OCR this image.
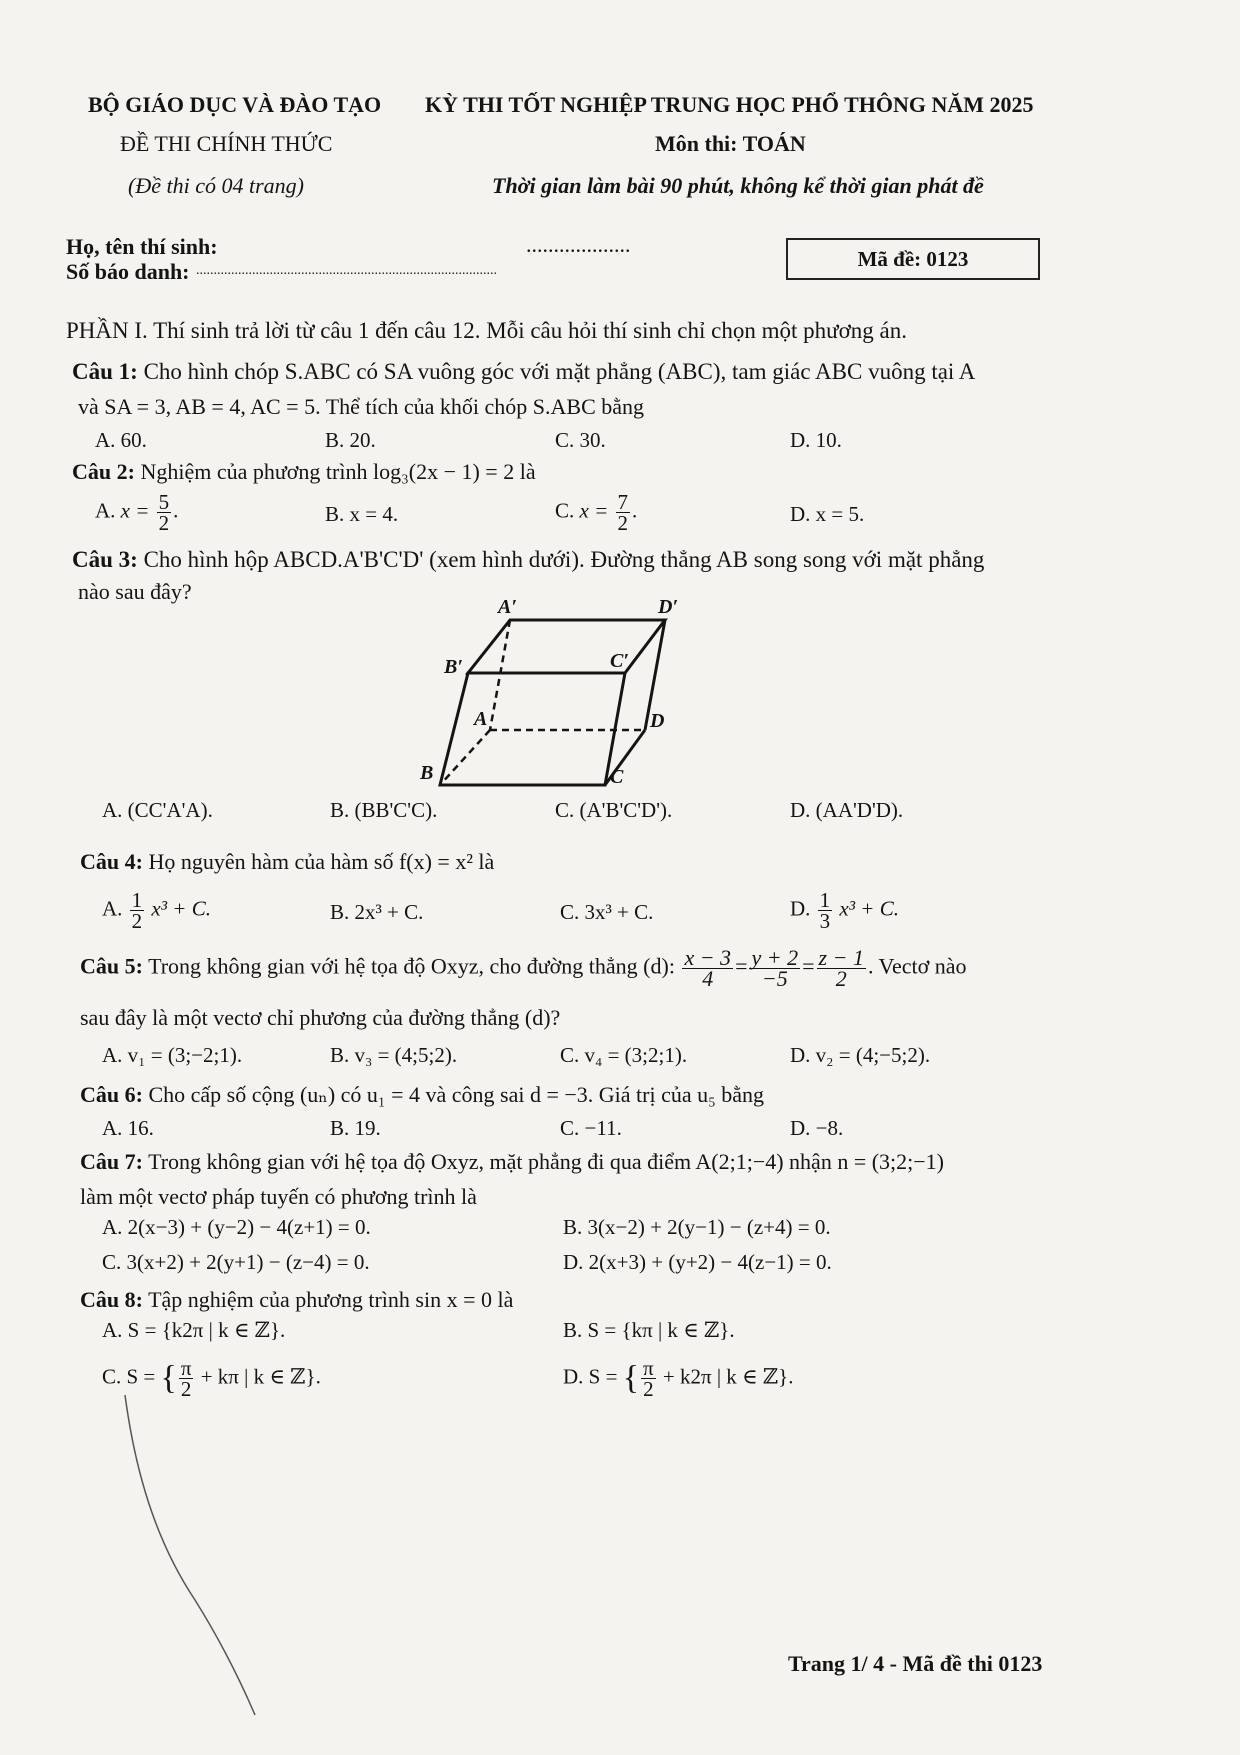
BỘ GIÁO DỤC VÀ ĐÀO TẠO KỲ THI TỐT NGHIỆP TRUNG HỌC PHỔ THÔNG NĂM 2025
ĐỀ THI CHÍNH THỨC	Môn thi: TOÁN
(Đề thi có 04 trang)	Thời gian làm bài 90 phút, không kể thời gian phát đề
Họ, tên thí sinh:	...................
Số báo danh: ......................................................................................	Mã đề: 0123
PHẦN I. Thí sinh trả lời từ câu 1 đến câu 12. Mỗi câu hỏi thí sinh chỉ chọn một phương án.
Câu 1: Cho hình chóp S.ABC có SA vuông góc với mặt phẳng (ABC), tam giác ABC vuông tại A
và SA = 3, AB = 4, AC = 5. Thể tích của khối chóp S.ABC bằng
A. 60.	B. 20.	C. 30.	D. 10.
Câu 2: Nghiệm của phương trình log₃(2x − 1) = 2 là
A. $x = \frac{5}{2}$ .	B. x = 4.	C. $x = \frac{7}{2}$ .	D. x = 5.
Câu 3: Cho hình hộp ABCD.A'B'C'D' (xem hình dưới). Đường thẳng AB song song với mặt phẳng
nào sau đây?
A′	D′
B′	C′
A	D
B	C
A. (CC'A'A).	B. (BB'C'C).	C. (A'B'C'D').	D. (AA'D'D).
Câu 4: Họ nguyên hàm của hàm số f(x) = x² là
A. $\frac{1}{2} x^3 + C$.	B. 2x³ + C.	C. 3x³ + C.	D. $\frac{1}{3} x^3 + C$.
Câu 5: Trong không gian với hệ tọa độ Oxyz, cho đường thẳng (d): $\frac{x - 3}{4} = \frac{y + 2}{-5} = \frac{z - 1}{2}$ . Vectơ nào
sau đây là một vectơ chỉ phương của đường thẳng (d)?
A. v₁ = (3;−2;1).	B. v₃ = (4;5;2).	C. v₄ = (3;2;1).	D. v₂ = (4;−5;2).
Câu 6: Cho cấp số cộng (uₙ) có u₁ = 4 và công sai d = −3. Giá trị của u₅ bằng
A. 16.	B. 19.	C. −11.	D. −8.
Câu 7: Trong không gian với hệ tọa độ Oxyz, mặt phẳng đi qua điểm A(2;1;−4) nhận n = (3;2;−1)
làm một vectơ pháp tuyến có phương trình là
A. 2(x−3) + (y−2) − 4(z+1) = 0.	B. 3(x−2) + 2(y−1) − (z+4) = 0.
C. 3(x+2) + 2(y+1) − (z−4) = 0.	D. 2(x+3) + (y+2) − 4(z−1) = 0.
Câu 8: Tập nghiệm của phương trình sin x = 0 là
A. S = {k2π | k ∈ ℤ}.	B. S = {kπ | k ∈ ℤ}.
C. S = { $\frac{\pi}{2} + k\pi$ | k ∈ ℤ}.	D. S = { $\frac{\pi}{2} + k2\pi$ | k ∈ ℤ}.
Trang 1/ 4 - Mã đề thi 0123
